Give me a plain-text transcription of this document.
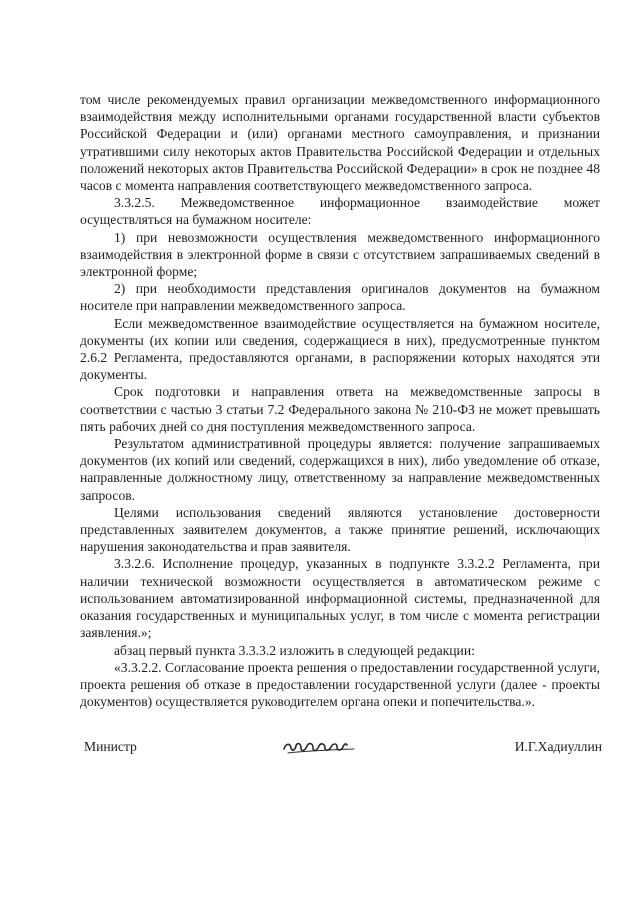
том числе рекомендуемых правил организации межведомственного информационного взаимодействия между исполнительными органами государственной власти субъектов Российской Федерации и (или) органами местного самоуправления, и признании утратившими силу некоторых актов Правительства Российской Федерации и отдельных положений некоторых актов Правительства Российской Федерации» в срок не позднее 48 часов с момента направления соответствующего межведомственного запроса.

3.3.2.5. Межведомственное информационное взаимодействие может осуществляться на бумажном носителе:

1) при невозможности осуществления межведомственного информационного взаимодействия в электронной форме в связи с отсутствием запрашиваемых сведений в электронной форме;

2) при необходимости представления оригиналов документов на бумажном носителе при направлении межведомственного запроса.

Если межведомственное взаимодействие осуществляется на бумажном носителе, документы (их копии или сведения, содержащиеся в них), предусмотренные пунктом 2.6.2 Регламента, предоставляются органами, в распоряжении которых находятся эти документы.

Срок подготовки и направления ответа на межведомственные запросы в соответствии с частью 3 статьи 7.2 Федерального закона № 210-ФЗ не может превышать пять рабочих дней со дня поступления межведомственного запроса.

Результатом административной процедуры является: получение запрашиваемых документов (их копий или сведений, содержащихся в них), либо уведомление об отказе, направленные должностному лицу, ответственному за направление межведомственных запросов.

Целями использования сведений являются установление достоверности представленных заявителем документов, а также принятие решений, исключающих нарушения законодательства и прав заявителя.

3.3.2.6. Исполнение процедур, указанных в подпункте 3.3.2.2 Регламента, при наличии технической возможности осуществляется в автоматическом режиме с использованием автоматизированной информационной системы, предназначенной для оказания государственных и муниципальных услуг, в том числе с момента регистрации заявления.»;

абзац первый пункта 3.3.3.2 изложить в следующей редакции:

«3.3.2.2. Согласование проекта решения о предоставлении государственной услуги, проекта решения об отказе в предоставлении государственной услуги (далее - проекты документов) осуществляется руководителем органа опеки и попечительства.».

Министр	И.Г.Хадиуллин
